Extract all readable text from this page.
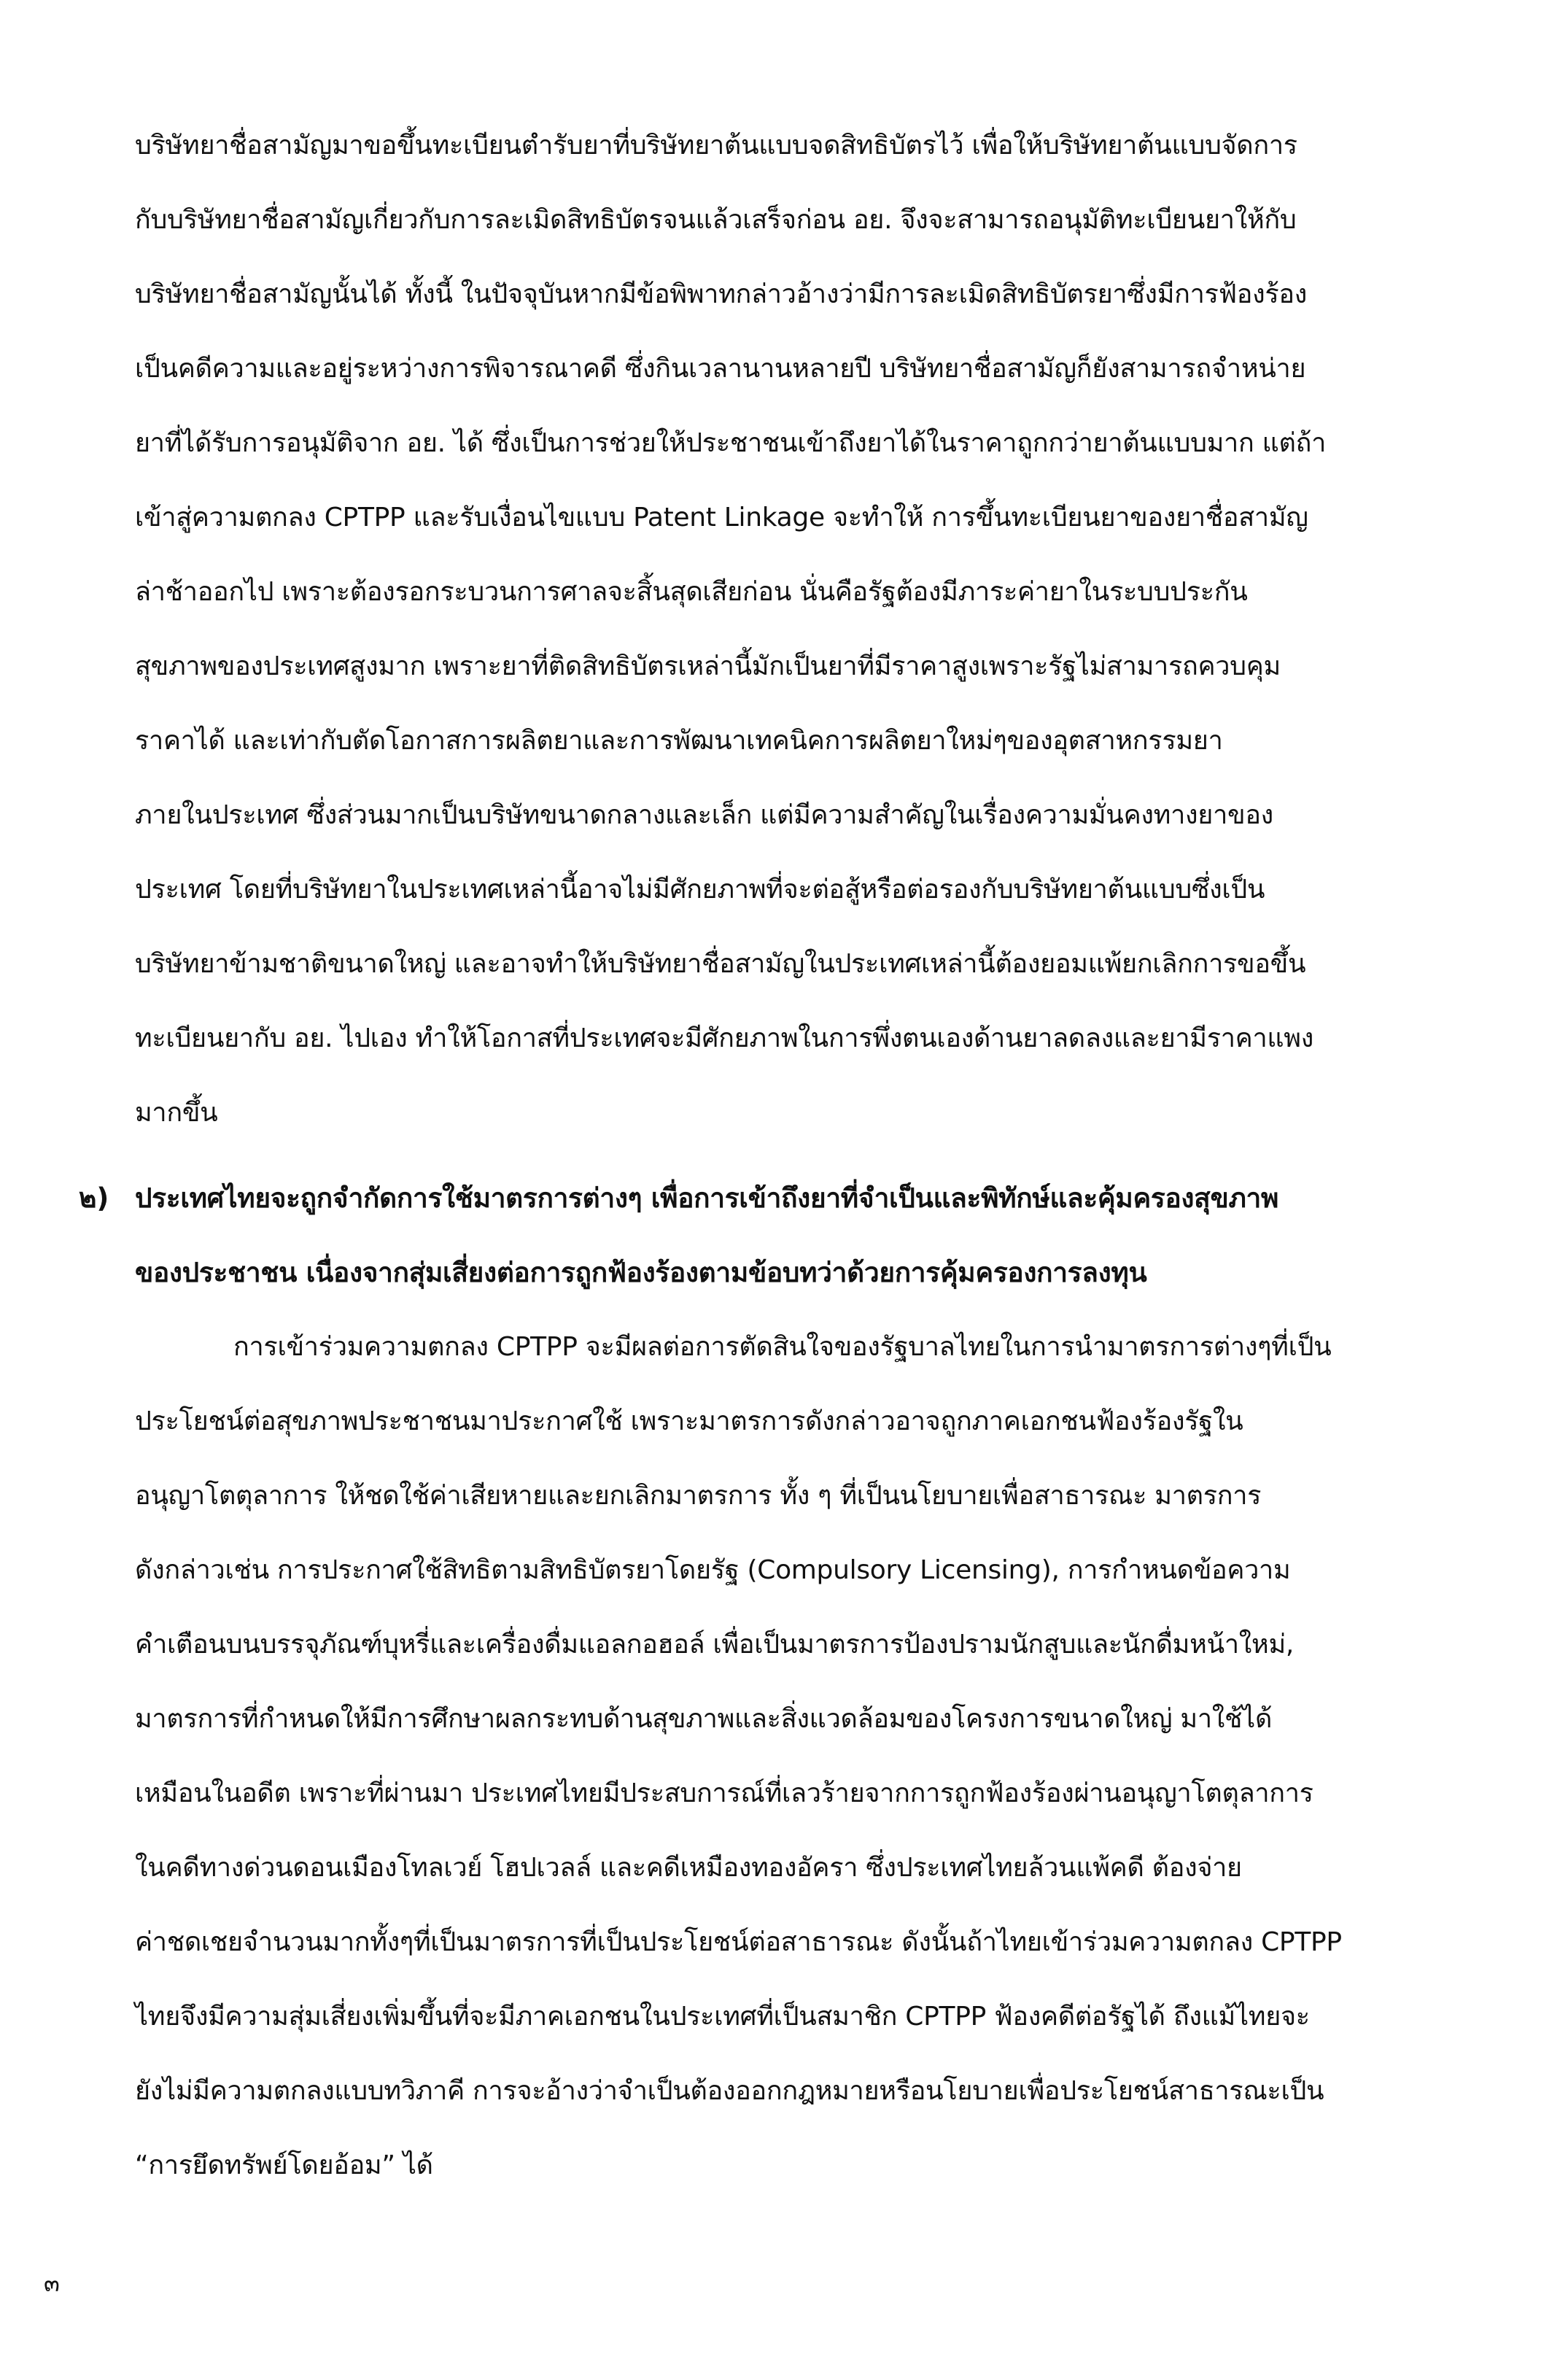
บริษัทยาชื่อสามัญมาขอขึ้นทะเบียนตำรับยาที่บริษัทยาต้นแบบจดสิทธิบัตรไว้ เพื่อให้บริษัทยาต้นแบบจัดการ
กับบริษัทยาชื่อสามัญเกี่ยวกับการละเมิดสิทธิบัตรจนแล้วเสร็จก่อน อย. จึงจะสามารถอนุมัติทะเบียนยาให้กับ
บริษัทยาชื่อสามัญนั้นได้ ทั้งนี้ ในปัจจุบันหากมีข้อพิพาทกล่าวอ้างว่ามีการละเมิดสิทธิบัตรยาซึ่งมีการฟ้องร้อง
เป็นคดีความและอยู่ระหว่างการพิจารณาคดี ซึ่งกินเวลานานหลายปี บริษัทยาชื่อสามัญก็ยังสามารถจำหน่าย
ยาที่ได้รับการอนุมัติจาก อย. ได้ ซึ่งเป็นการช่วยให้ประชาชนเข้าถึงยาได้ในราคาถูกกว่ายาต้นแบบมาก แต่ถ้า
เข้าสู่ความตกลง CPTPP และรับเงื่อนไขแบบ Patent Linkage จะทำให้ การขึ้นทะเบียนยาของยาชื่อสามัญ
ล่าช้าออกไป เพราะต้องรอกระบวนการศาลจะสิ้นสุดเสียก่อน นั่นคือรัฐต้องมีภาระค่ายาในระบบประกัน
สุขภาพของประเทศสูงมาก เพราะยาที่ติดสิทธิบัตรเหล่านี้มักเป็นยาที่มีราคาสูงเพราะรัฐไม่สามารถควบคุม
ราคาได้ และเท่ากับตัดโอกาสการผลิตยาและการพัฒนาเทคนิคการผลิตยาใหม่ๆของอุตสาหกรรมยา
ภายในประเทศ ซึ่งส่วนมากเป็นบริษัทขนาดกลางและเล็ก แต่มีความสำคัญในเรื่องความมั่นคงทางยาของ
ประเทศ โดยที่บริษัทยาในประเทศเหล่านี้อาจไม่มีศักยภาพที่จะต่อสู้หรือต่อรองกับบริษัทยาต้นแบบซึ่งเป็น
บริษัทยาข้ามชาติขนาดใหญ่ และอาจทำให้บริษัทยาชื่อสามัญในประเทศเหล่านี้ต้องยอมแพ้ยกเลิกการขอขึ้น
ทะเบียนยากับ อย. ไปเอง ทำให้โอกาสที่ประเทศจะมีศักยภาพในการพึ่งตนเองด้านยาลดลงและยามีราคาแพง
มากขึ้น
๒) ประเทศไทยจะถูกจำกัดการใช้มาตรการต่างๆ เพื่อการเข้าถึงยาที่จำเป็นและพิทักษ์และคุ้มครองสุขภาพ
ของประชาชน เนื่องจากสุ่มเสี่ยงต่อการถูกฟ้องร้องตามข้อบทว่าด้วยการคุ้มครองการลงทุน
การเข้าร่วมความตกลง CPTPP จะมีผลต่อการตัดสินใจของรัฐบาลไทยในการนำมาตรการต่างๆที่เป็น
ประโยชน์ต่อสุขภาพประชาชนมาประกาศใช้ เพราะมาตรการดังกล่าวอาจถูกภาคเอกชนฟ้องร้องรัฐใน
อนุญาโตตุลาการ ให้ชดใช้ค่าเสียหายและยกเลิกมาตรการ ทั้ง ๆ ที่เป็นนโยบายเพื่อสาธารณะ มาตรการ
ดังกล่าวเช่น การประกาศใช้สิทธิตามสิทธิบัตรยาโดยรัฐ (Compulsory Licensing), การกำหนดข้อความ
คำเตือนบนบรรจุภัณฑ์บุหรี่และเครื่องดื่มแอลกอฮอล์ เพื่อเป็นมาตรการป้องปรามนักสูบและนักดื่มหน้าใหม่,
มาตรการที่กำหนดให้มีการศึกษาผลกระทบด้านสุขภาพและสิ่งแวดล้อมของโครงการขนาดใหญ่ มาใช้ได้
เหมือนในอดีต เพราะที่ผ่านมา ประเทศไทยมีประสบการณ์ที่เลวร้ายจากการถูกฟ้องร้องผ่านอนุญาโตตุลาการ
ในคดีทางด่วนดอนเมืองโทลเวย์ โฮปเวลล์ และคดีเหมืองทองอัครา ซึ่งประเทศไทยล้วนแพ้คดี ต้องจ่าย
ค่าชดเชยจำนวนมากทั้งๆที่เป็นมาตรการที่เป็นประโยชน์ต่อสาธารณะ ดังนั้นถ้าไทยเข้าร่วมความตกลง CPTPP
ไทยจึงมีความสุ่มเสี่ยงเพิ่มขึ้นที่จะมีภาคเอกชนในประเทศที่เป็นสมาชิก CPTPP ฟ้องคดีต่อรัฐได้ ถึงแม้ไทยจะ
ยังไม่มีความตกลงแบบทวิภาคี การจะอ้างว่าจำเป็นต้องออกกฎหมายหรือนโยบายเพื่อประโยชน์สาธารณะเป็น
“การยึดทรัพย์โดยอ้อม” ได้
๓
